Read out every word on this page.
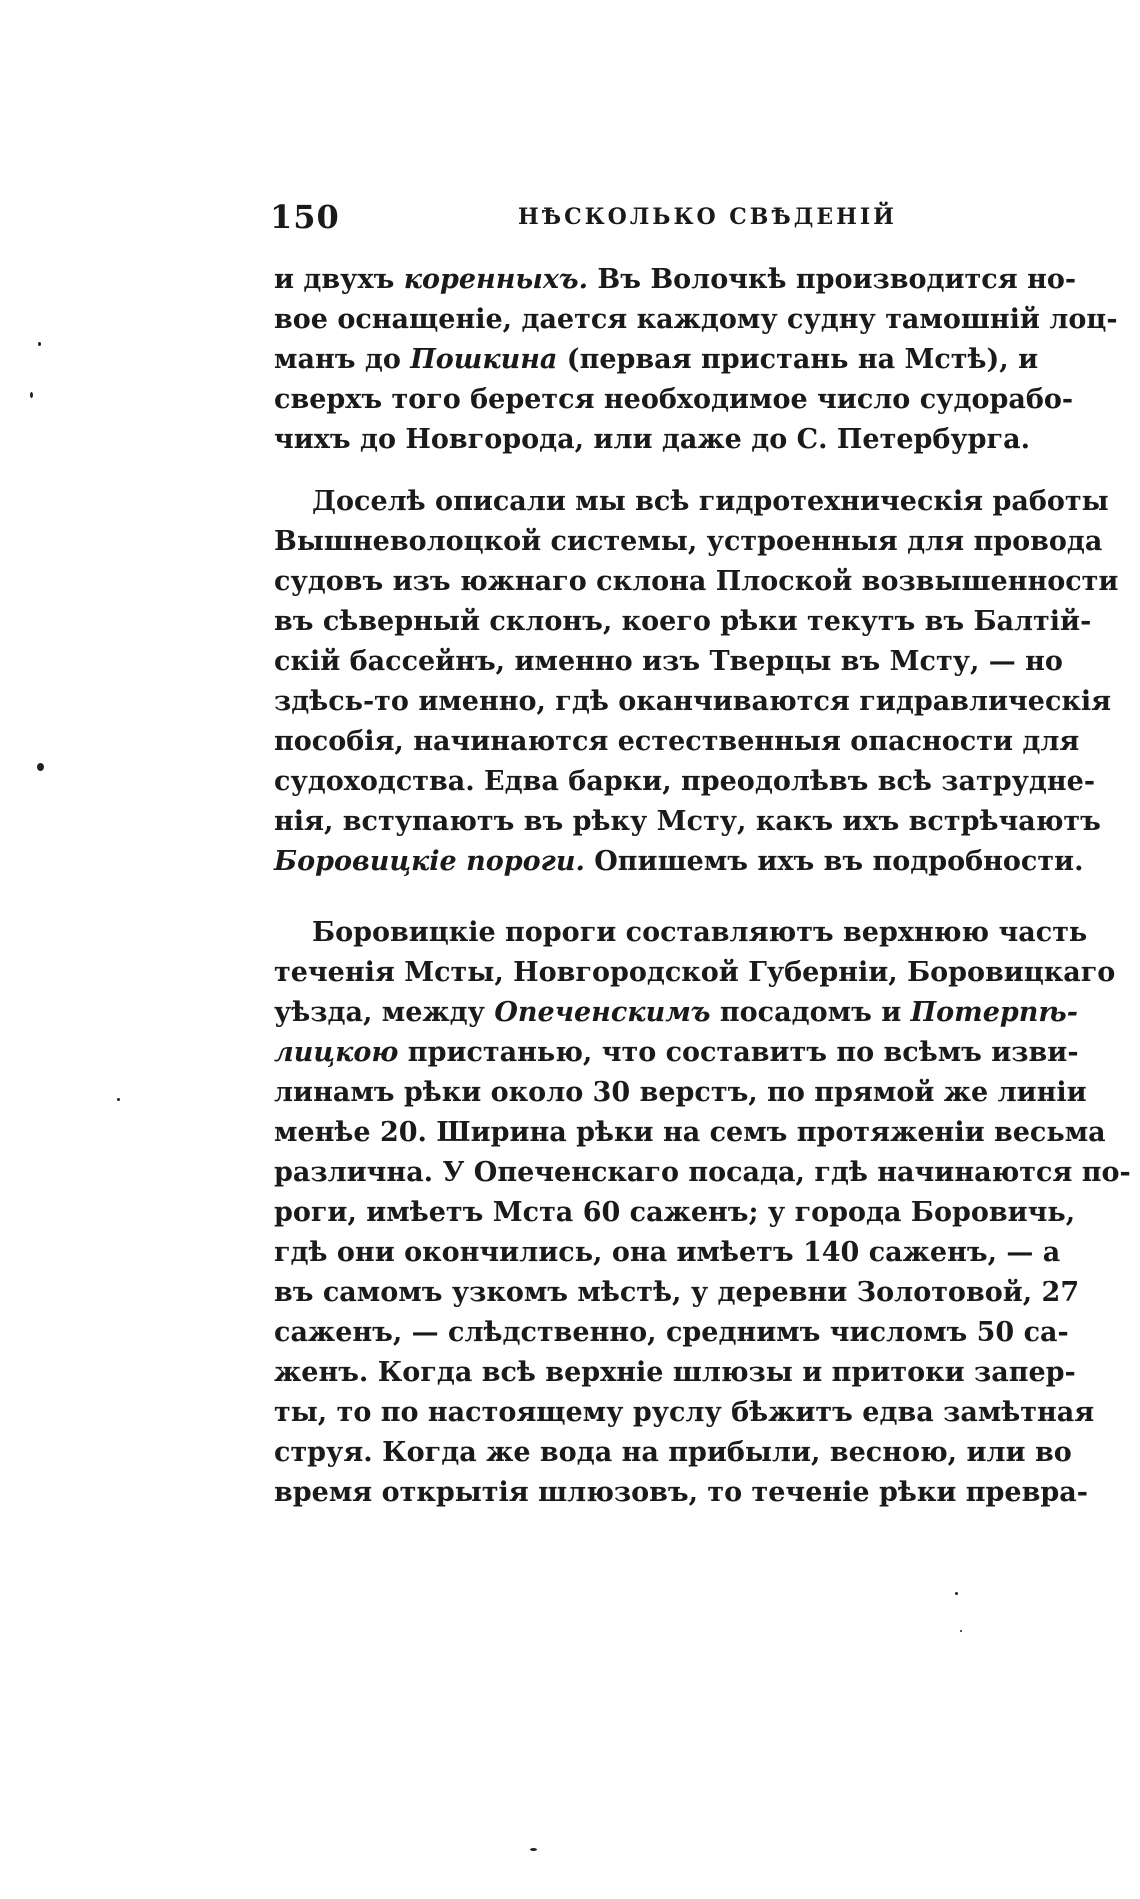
150	НѢСКОЛЬКО СВѢДЕНІЙ
и двухъ коренныхъ. Въ Волочкѣ производится но-
вое оснащеніе, дается каждому судну тамошній лоц-
манъ до Пошкина (первая пристань на Мстѣ), и
сверхъ того берется необходимое число судорабо-
чихъ до Новгорода, или даже до С. Петербурга.
Доселѣ описали мы всѣ гидротехническія работы
Вышневолоцкой системы, устроенныя для провода
судовъ изъ южнаго склона Плоской возвышенности
въ сѣверный склонъ, коего рѣки текутъ въ Балтій-
скій бассейнъ, именно изъ Тверцы въ Мсту, — но
здѣсь-то именно, гдѣ оканчиваются гидравлическія
пособія, начинаются естественныя опасности для
судоходства. Едва барки, преодолѣвъ всѣ затрудне-
нія, вступаютъ въ рѣку Мсту, какъ ихъ встрѣчаютъ
Боровицкіе пороги. Опишемъ ихъ въ подробности.
Боровицкіе пороги составляютъ верхнюю часть
теченія Мсты, Новгородской Губерніи, Боровицкаго
уѣзда, между Опеченскимъ посадомъ и Потерпѣ-
лицкою пристанью, что составитъ по всѣмъ изви-
линамъ рѣки около 30 верстъ, по прямой же линіи
менѣе 20. Ширина рѣки на семъ протяженіи весьма
различна. У Опеченскаго посада, гдѣ начинаются по-
роги, имѣетъ Мста 60 саженъ; у города Боровичь,
гдѣ они окончились, она имѣетъ 140 саженъ, — а
въ самомъ узкомъ мѣстѣ, у деревни Золотовой, 27
саженъ, — слѣдственно, среднимъ числомъ 50 са-
женъ. Когда всѣ верхніе шлюзы и притоки запер-
ты, то по настоящему руслу бѣжитъ едва замѣтная
струя. Когда же вода на прибыли, весною, или во
время открытія шлюзовъ, то теченіе рѣки превра-
